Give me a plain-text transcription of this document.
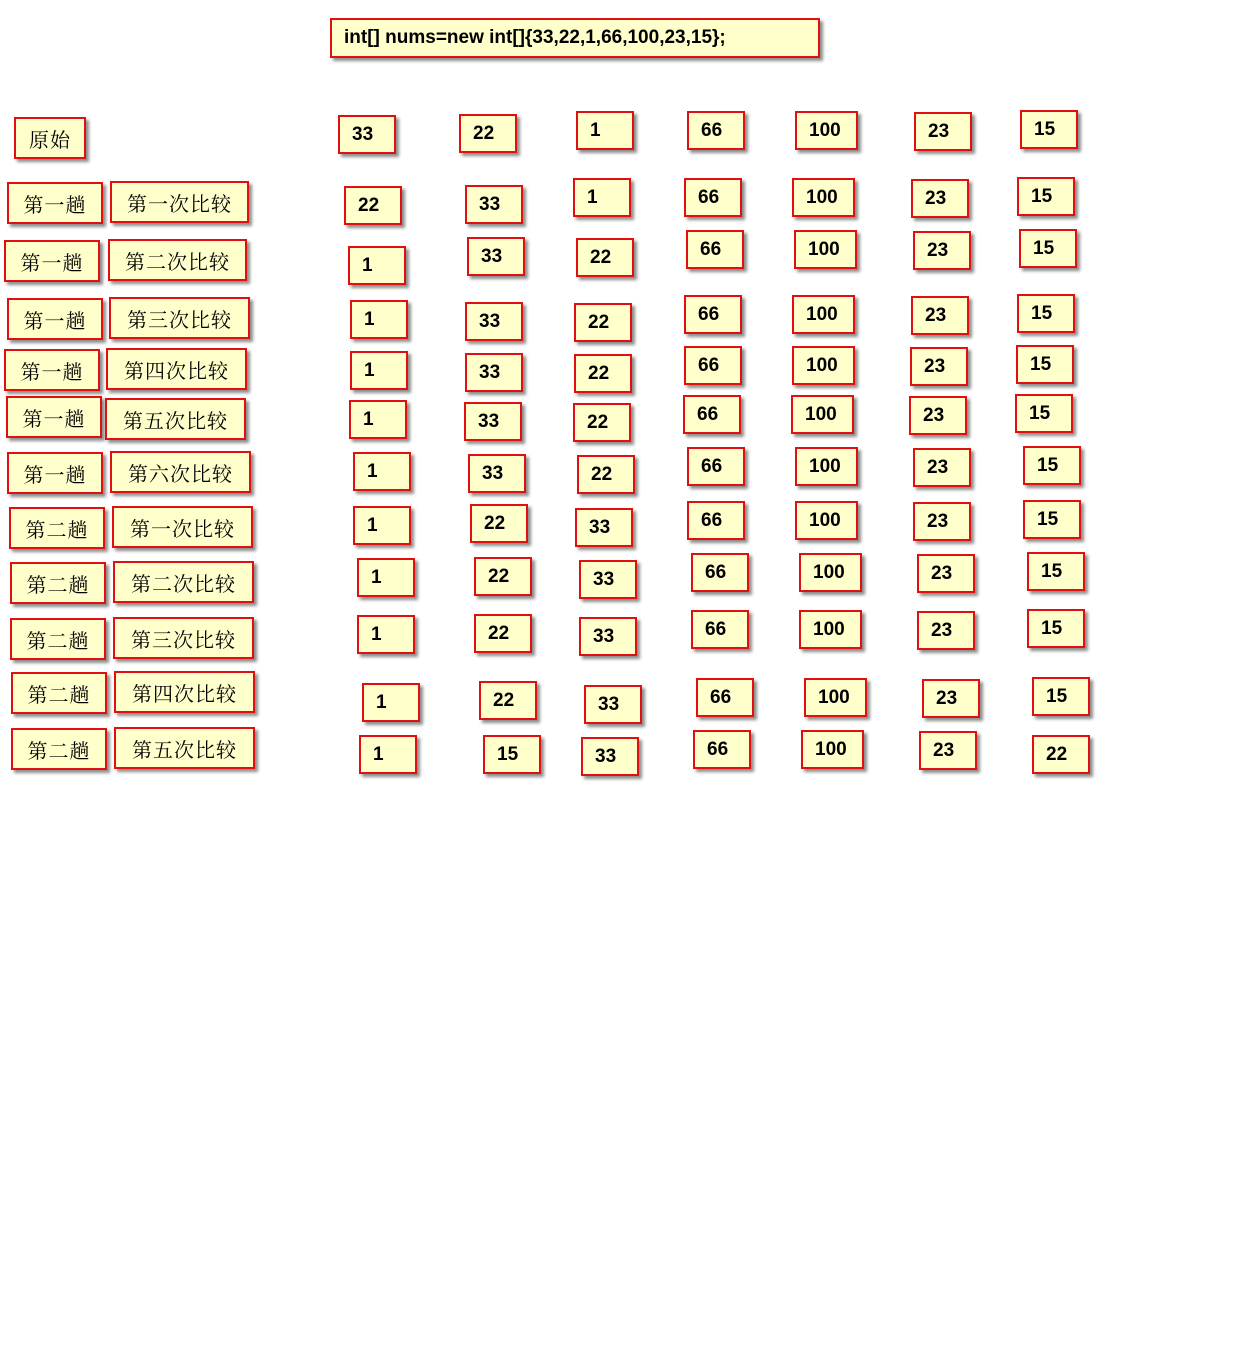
int[] nums=new int[]{33,22,1,66,100,23,15};
原始	33	22	1	66	100	23	15
第一趟	第一次比较	22	33	1	66	100	23	15
第一趟	第二次比较	1	33	22	66	100	23	15
第一趟	第三次比较	1	33	22	66	100	23	15
第一趟	第四次比较	1	33	22	66	100	23	15
第一趟	第五次比较	1	33	22	66	100	23	15
第一趟	第六次比较	1	33	22	66	100	23	15
第二趟	第一次比较	1	22	33	66	100	23	15
第二趟	第二次比较	1	22	33	66	100	23	15
第二趟	第三次比较	1	22	33	66	100	23	15
第二趟	第四次比较	1	22	33	66	100	23	15
第二趟	第五次比较	1	15	33	66	100	23	22
